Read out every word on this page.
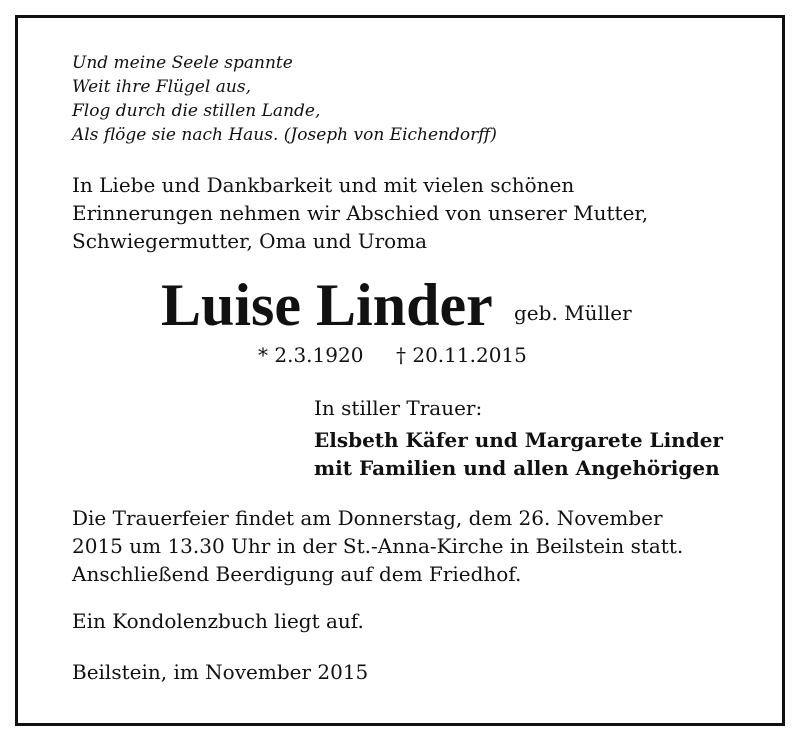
Und meine Seele spannte
Weit ihre Flügel aus,
Flog durch die stillen Lande,
Als flöge sie nach Haus. (Joseph von Eichendorff)
In Liebe und Dankbarkeit und mit vielen schönen
Erinnerungen nehmen wir Abschied von unserer Mutter,
Schwiegermutter, Oma und Uroma
Luise Linder geb. Müller
* 2.3.1920 † 20.11.2015
In stiller Trauer:
Elsbeth Käfer und Margarete Linder
mit Familien und allen Angehörigen
Die Trauerfeier findet am Donnerstag, dem 26. November
2015 um 13.30 Uhr in der St.-Anna-Kirche in Beilstein statt.
Anschließend Beerdigung auf dem Friedhof.
Ein Kondolenzbuch liegt auf.
Beilstein, im November 2015
